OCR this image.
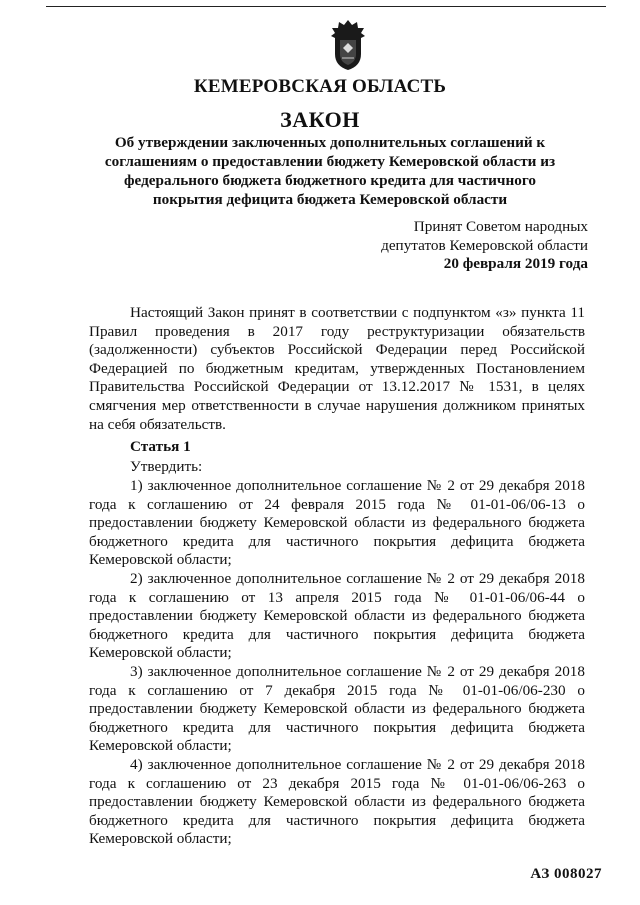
КЕМЕРОВСКАЯ ОБЛАСТЬ
ЗАКОН
Об утверждении заключенных дополнительных соглашений к соглашениям о предоставлении бюджету Кемеровской области из федерального бюджета бюджетного кредита для частичного покрытия дефицита бюджета Кемеровской области
Принят Советом народных
депутатов Кемеровской области
20 февраля 2019 года

Настоящий Закон принят в соответствии с подпунктом «з» пункта 11 Правил проведения в 2017 году реструктуризации обязательств (задолженности) субъектов Российской Федерации перед Российской Федерацией по бюджетным кредитам, утвержденных Постановлением Правительства Российской Федерации от 13.12.2017 № 1531, в целях смягчения мер ответственности в случае нарушения должником принятых на себя обязательств.

Статья 1
Утвердить:

1) заключенное дополнительное соглашение № 2 от 29 декабря 2018 года к соглашению от 24 февраля 2015 года № 01-01-06/06-13 о предоставлении бюджету Кемеровской области из федерального бюджета бюджетного кредита для частичного покрытия дефицита бюджета Кемеровской области;

2) заключенное дополнительное соглашение № 2 от 29 декабря 2018 года к соглашению от 13 апреля 2015 года № 01-01-06/06-44 о предоставлении бюджету Кемеровской области из федерального бюджета бюджетного кредита для частичного покрытия дефицита бюджета Кемеровской области;

3) заключенное дополнительное соглашение № 2 от 29 декабря 2018 года к соглашению от 7 декабря 2015 года № 01-01-06/06-230 о предоставлении бюджету Кемеровской области из федерального бюджета бюджетного кредита для частичного покрытия дефицита бюджета Кемеровской области;

4) заключенное дополнительное соглашение № 2 от 29 декабря 2018 года к соглашению от 23 декабря 2015 года № 01-01-06/06-263 о предоставлении бюджету Кемеровской области из федерального бюджета бюджетного кредита для частичного покрытия дефицита бюджета Кемеровской области;

АЗ 008027
